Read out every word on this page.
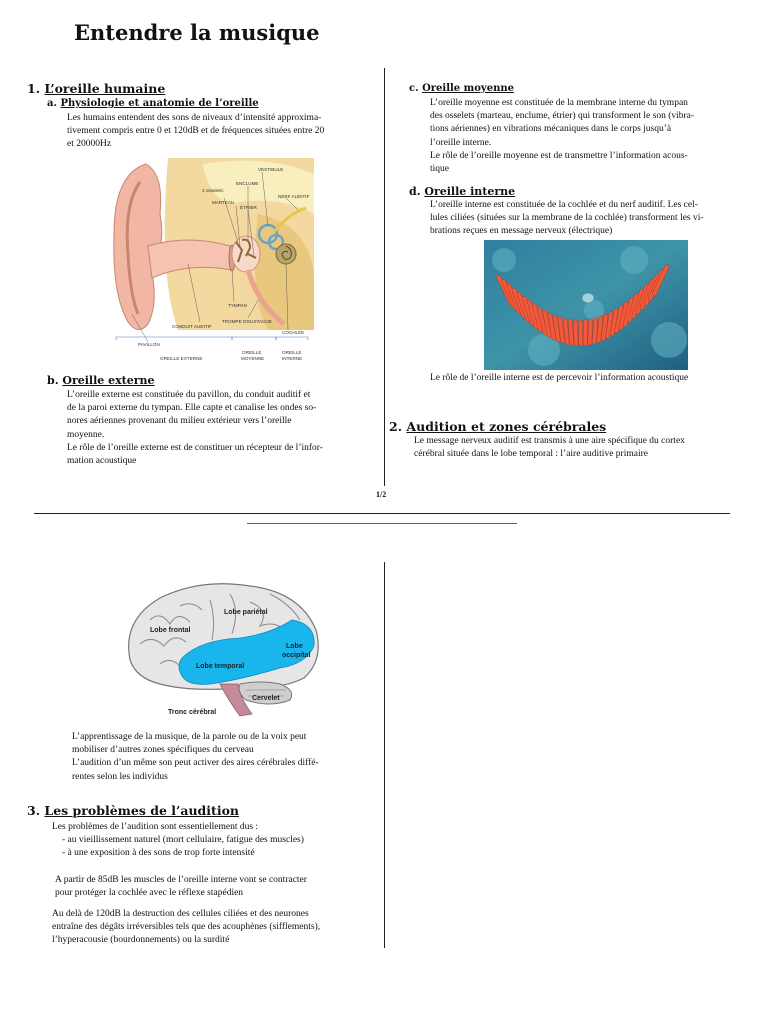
Entendre la musique
1/2
1. L’oreille humaine
a. Physiologie et anatomie de l’oreille
Les humains entendent des sons de niveaux d’intensité approxima-
tivement compris entre 0 et 120dB et de fréquences situées entre 20
et 20000Hz
3 osselets:
ENCLUME
MARTEAU
ÉTRIER
VESTIBULE
NERF AUDITIF
TYMPAN
CONDUIT AUDITIF
TROMPE D'EUSTACHE
COCHLÉE
PAVILLON
OREILLE EXTERNE
OREILLE
MOYENNE
OREILLE
INTERNE
b. Oreille externe
L’oreille externe est constituée du pavillon, du conduit auditif et
de la paroi externe du tympan. Elle capte et canalise les ondes so-
nores aériennes provenant du milieu extérieur vers l’oreille
moyenne.
Le rôle de l’oreille externe est de constituer un récepteur de l’infor-
mation acoustique
c. Oreille moyenne
L’oreille moyenne est constituée de la membrane interne du tympan
des osselets (marteau, enclume, étrier) qui transforment le son (vibra-
tions aériennes) en vibrations mécaniques dans le corps jusqu’à
l’oreille interne.
Le rôle de l’oreille moyenne est de transmettre l’information acous-
tique
d. Oreille interne
L’oreille interne est constituée de la cochlée et du nerf auditif. Les cel-
lules ciliées (situées sur la membrane de la cochlée) transforment les vi-
brations reçues en message nerveux (électrique)
Le rôle de l’oreille interne est de percevoir l’information acoustique
2. Audition et zones cérébrales
Le message nerveux auditif est transmis à une aire spécifique du cortex
cérébral située dans le lobe temporal : l’aire auditive primaire
Lobe frontal
Lobe pariétal
Lobe
occipital
Lobe temporal
Cervelet
Tronc cérébral
L’apprentissage de la musique, de la parole ou de la voix peut
mobiliser d’autres zones spécifiques du cerveau
L’audition d’un même son peut activer des aires cérébrales diffé-
rentes selon les individus
3. Les problèmes de l’audition
Les problèmes de l’audition sont essentiellement dus :
- au vieillissement naturel (mort cellulaire, fatigue des muscles)
- à une exposition à des sons de trop forte intensité
A partir de 85dB les muscles de l’oreille interne vont se contracter
pour protéger la cochlée avec le réflexe stapédien
Au delà de 120dB la destruction des cellules ciliées et des neurones
entraîne des dégâts irréversibles tels que des acouphènes (sifflements),
l’hyperacousie (bourdonnements) ou la surdité
